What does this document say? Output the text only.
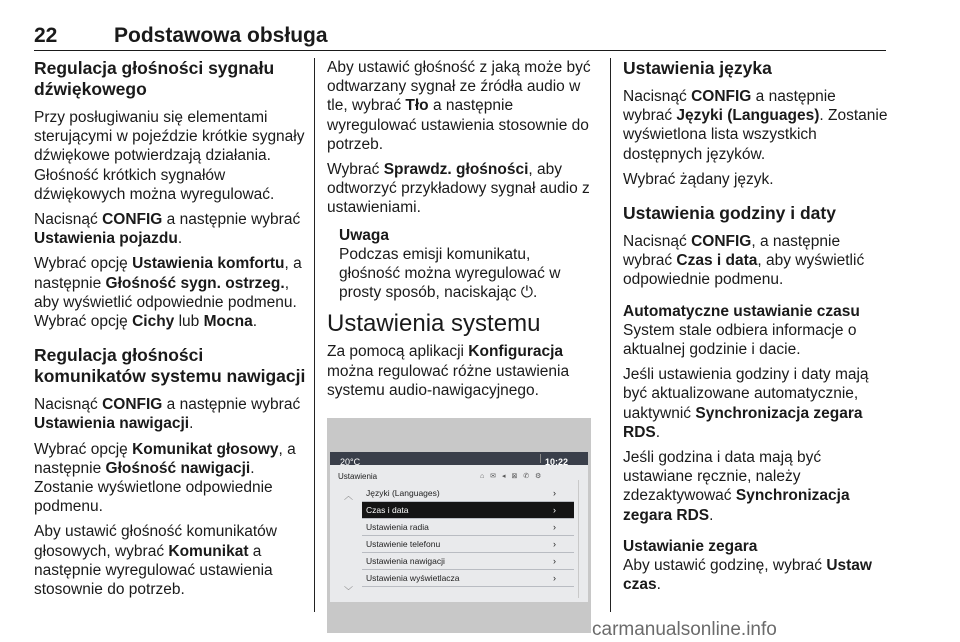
22	Podstawowa obsługa
Regulacja głośności sygnału dźwiękowego

Przy posługiwaniu się elementami sterującymi w pojeździe krótkie sygnały dźwiękowe potwierdzają działania. Głośność krótkich sygnałów dźwiękowych można wyregulować.

Nacisnąć CONFIG a następnie wybrać Ustawienia pojazdu.

Wybrać opcję Ustawienia komfortu, a następnie Głośność sygn. ostrzeg., aby wyświetlić odpowiednie podmenu. Wybrać opcję Cichy lub Mocna.

Regulacja głośności komunikatów systemu nawigacji

Nacisnąć CONFIG a następnie wybrać Ustawienia nawigacji.

Wybrać opcję Komunikat głosowy, a następnie Głośność nawigacji. Zostanie wyświetlone odpowiednie podmenu.

Aby ustawić głośność komunikatów głosowych, wybrać Komunikat a następnie wyregulować ustawienia stosownie do potrzeb.

Aby ustawić głośność z jaką może być odtwarzany sygnał ze źródła audio w tle, wybrać Tło a następnie wyregulować ustawienia stosownie do potrzeb.

Wybrać Sprawdz. głośności, aby odtworzyć przykładowy sygnał audio z ustawieniami.

Uwaga
Podczas emisji komunikatu, głośność można wyregulować w prosty sposób, naciskając ⏻.
Ustawienia systemu

Za pomocą aplikacji Konfiguracja można regulować różne ustawienia systemu audio-nawigacyjnego.

20°C	10:22
Ustawienia	⌂ ✉ ◂ ⊠ ✆ ⚙
︿
﹀
Języki (Languages)	›
Czas i data	›
Ustawienia radia	›
Ustawienie telefonu	›
Ustawienia nawigacji	›
Ustawienia wyświetlacza	›
Ustawienia języka

Nacisnąć CONFIG a następnie wybrać Języki (Languages). Zostanie wyświetlona lista wszystkich dostępnych języków.

Wybrać żądany język.

Ustawienia godziny i daty

Nacisnąć CONFIG, a następnie wybrać Czas i data, aby wyświetlić odpowiednie podmenu.

Automatyczne ustawianie czasu

System stale odbiera informacje o aktualnej godzinie i dacie.

Jeśli ustawienia godziny i daty mają być aktualizowane automatycznie, uaktywnić Synchronizacja zegara RDS.

Jeśli godzina i data mają być ustawiane ręcznie, należy zdezaktywować Synchronizacja zegara RDS.

Ustawianie zegara

Aby ustawić godzinę, wybrać Ustaw czas.

carmanualsonline.info
